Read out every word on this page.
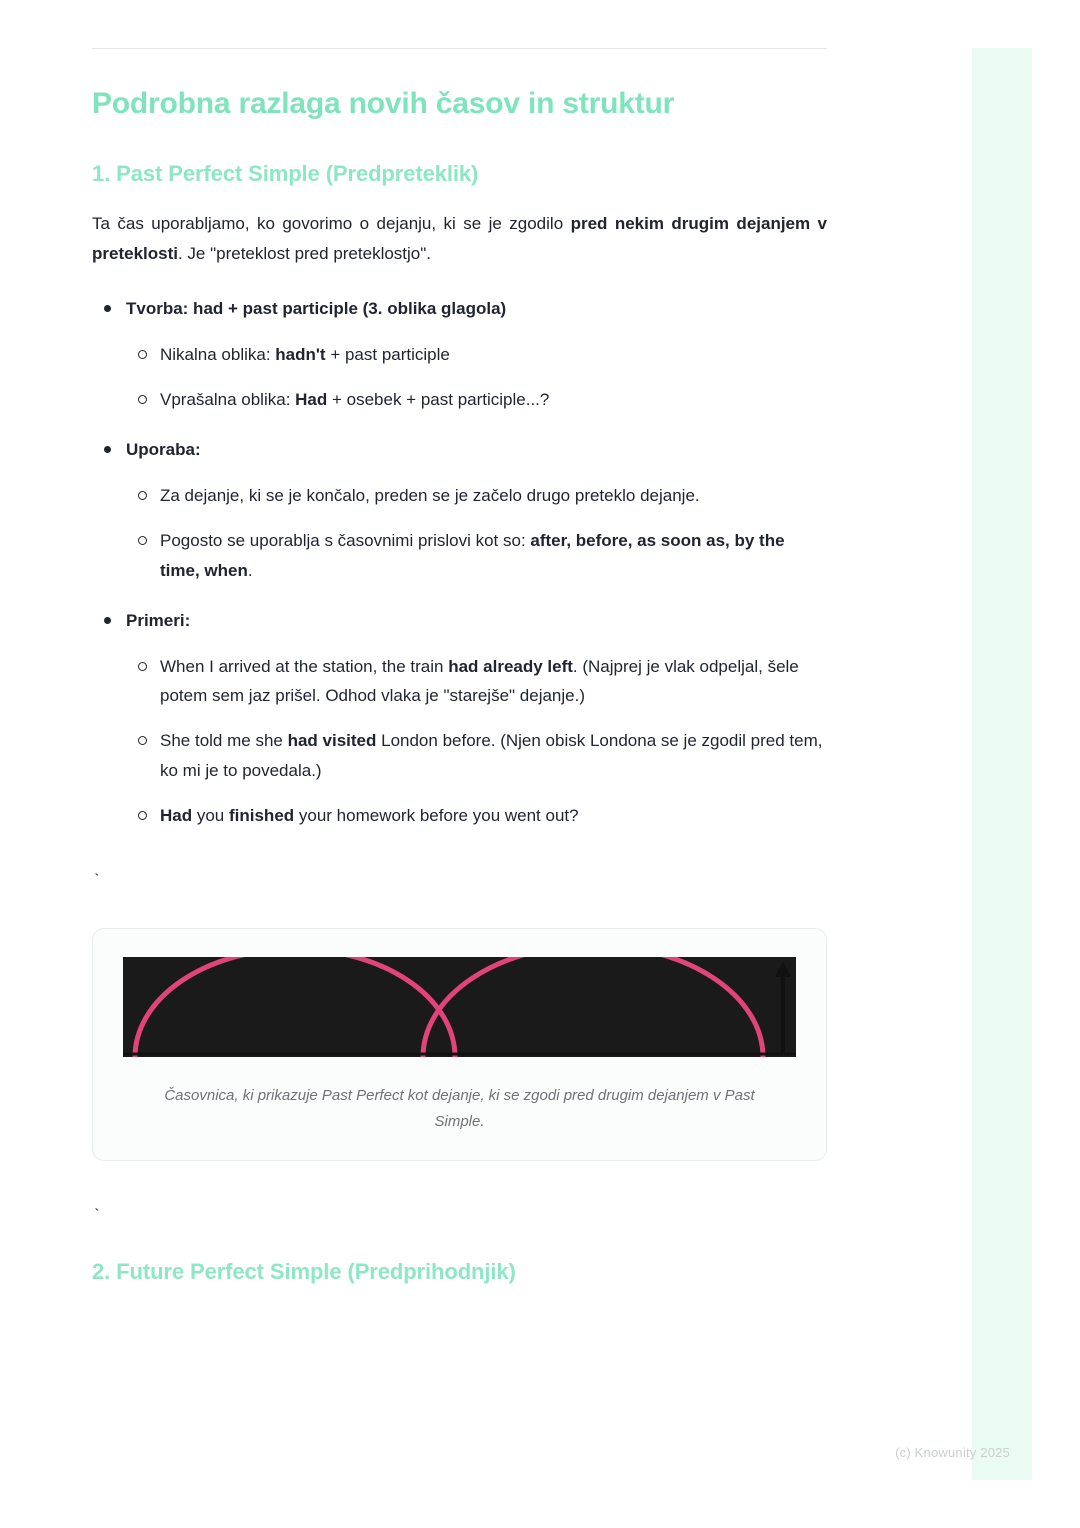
Podrobna razlaga novih časov in struktur
1. Past Perfect Simple (Predpreteklik)

Ta čas uporabljamo, ko govorimo o dejanju, ki se je zgodilo pred nekim drugim dejanjem v preteklosti. Je "preteklost pred preteklostjo".

Tvorba: had + past participle (3. oblika glagola)
Nikalna oblika: hadn't + past participle
Vprašalna oblika: Had + osebek + past participle...?
Uporaba:
Za dejanje, ki se je končalo, preden se je začelo drugo preteklo dejanje.
Pogosto se uporablja s časovnimi prislovi kot so: after, before, as soon as, by the time, when.
Primeri:
When I arrived at the station, the train had already left. (Najprej je vlak odpeljal, šele potem sem jaz prišel. Odhod vlaka je "starejše" dejanje.)
She told me she had visited London before. (Njen obisk Londona se je zgodil pred tem, ko mi je to povedala.)
Had you finished your homework before you went out?
`
Časovnica, ki prikazuje Past Perfect kot dejanje, ki se zgodi pred drugim dejanjem v Past Simple.
`
2. Future Perfect Simple (Predprihodnjik)
(c) Knowunity 2025
